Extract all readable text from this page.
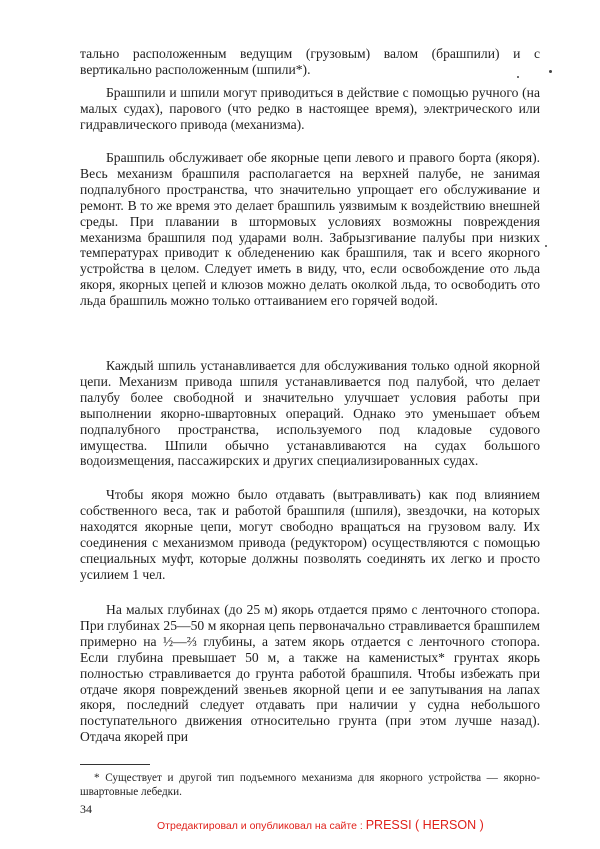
тально расположенным ведущим (грузовым) валом (брашпили) и с вертикально расположенным (шпили*).

Брашпили и шпили могут приводиться в действие с помощью ручного (на малых судах), парового (что редко в настоящее время), электрического или гидравлического привода (механизма).

Брашпиль обслуживает обе якорные цепи левого и правого борта (якоря). Весь механизм брашпиля располагается на верхней палубе, не занимая подпалубного пространства, что значительно упрощает его обслуживание и ремонт. В то же время это делает брашпиль уязвимым к воздействию внешней среды. При плавании в штормовых условиях возможны повреждения механизма брашпиля под ударами волн. Забрызгивание палубы при низких температурах приводит к обледенению как брашпиля, так и всего якорного устройства в целом. Следует иметь в виду, что, если освобождение ото льда якоря, якорных цепей и клюзов можно делать околкой льда, то освободить ото льда брашпиль можно только оттаиванием его горячей водой.

Каждый шпиль устанавливается для обслуживания только одной якорной цепи. Механизм привода шпиля устанавливается под палубой, что делает палубу более свободной и значительно улучшает условия работы при выполнении якорно-швартовных операций. Однако это уменьшает объем подпалубного пространства, используемого под кладовые судового имущества. Шпили обычно устанавливаются на судах большого водоизмещения, пассажирских и других специализированных судах.

Чтобы якоря можно было отдавать (вытравливать) как под влиянием собственного веса, так и работой брашпиля (шпиля), звездочки, на которых находятся якорные цепи, могут свободно вращаться на грузовом валу. Их соединения с механизмом привода (редуктором) осуществляются с помощью специальных муфт, которые должны позволять соединять их легко и просто усилием 1 чел.

На малых глубинах (до 25 м) якорь отдается прямо с ленточного стопора. При глубинах 25—50 м якорная цепь первоначально стравливается брашпилем примерно на ½—⅔ глубины, а затем якорь отдается с ленточного стопора. Если глубина превышает 50 м, а также на каменистых* грунтах якорь полностью стравливается до грунта работой брашпиля. Чтобы избежать при отдаче якоря повреждений звеньев якорной цепи и ее запутывания на лапах якоря, последний следует отдавать при наличии у судна небольшого поступательного движения относительно грунта (при этом лучше назад). Отдача якорей при

* Существует и другой тип подъемного механизма для якорного устройства — якорно-швартовные лебедки.

34
Отредактировал и опубликовал на сайте : PRESSI ( HERSON )
